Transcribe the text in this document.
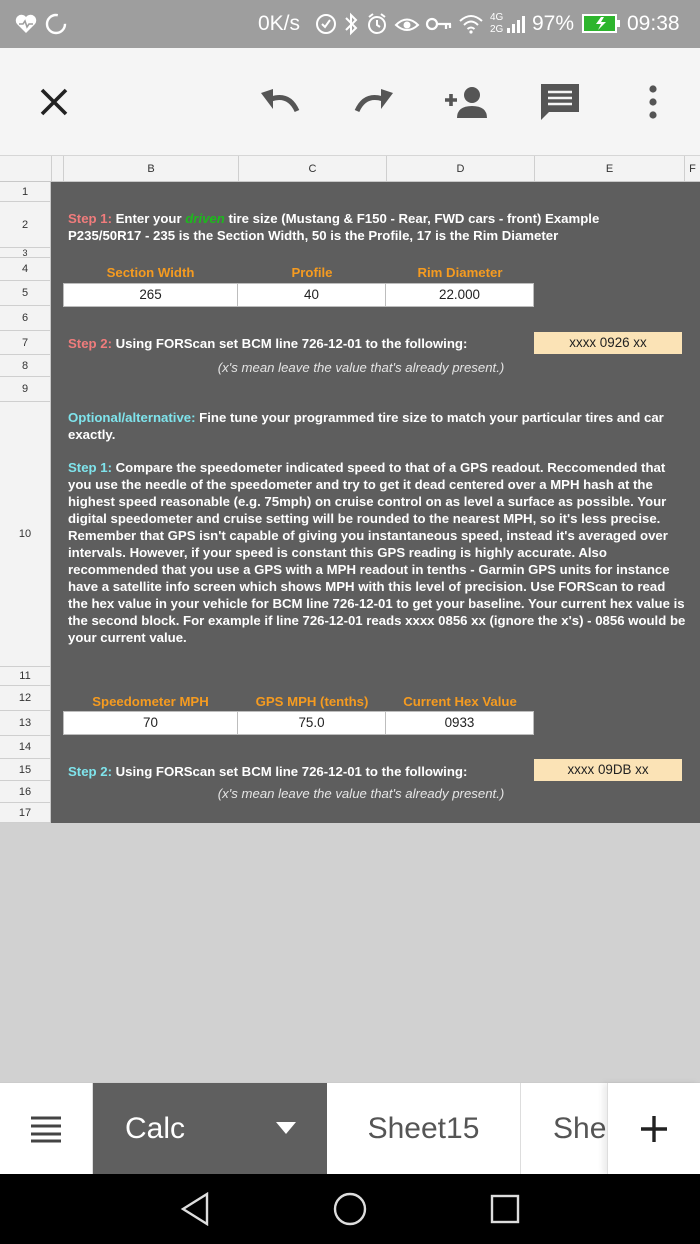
0K/s	4G
2G 97%	09:38
B	C	D	E	F
1
2
3
4
5
6
7
8
9
10
11
12
13
14
15
16
17
Step 1: Enter your driven tire size (Mustang & F150 - Rear, FWD cars - front) Example P235/50R17 - 235 is the Section Width, 50 is the Profile, 17 is the Rim Diameter
Section Width	Profile	Rim Diameter
265	40	22.000
Step 2: Using FORScan set BCM line 726-12-01 to the following:	xxxx 0926 xx
(x's mean leave the value that's already present.)
Optional/alternative: Fine tune your programmed tire size to match your particular tires and car exactly.
Step 1: Compare the speedometer indicated speed to that of a GPS readout. Reccomended that you use the needle of the speedometer and try to get it dead centered over a MPH hash at the highest speed reasonable (e.g. 75mph) on cruise control on as level a surface as possible. Your digital speedometer and cruise setting will be rounded to the nearest MPH, so it's less precise. Remember that GPS isn't capable of giving you instantaneous speed, instead it's averaged over intervals. However, if your speed is constant this GPS reading is highly accurate. Also recommended that you use a GPS with a MPH readout in tenths - Garmin GPS units for instance have a satellite info screen which shows MPH with this level of precision. Use FORScan to read the hex value in your vehicle for BCM line 726-12-01 to get your baseline. Your current hex value is the second block. For example if line 726-12-01 reads xxxx 0856 xx (ignore the x's) - 0856 would be your current value.
Speedometer MPH	GPS MPH (tenths)	Current Hex Value
70	75.0	0933
Step 2: Using FORScan set BCM line 726-12-01 to the following:	xxxx 09DB xx
(x's mean leave the value that's already present.)
Calc	Sheet15 She
